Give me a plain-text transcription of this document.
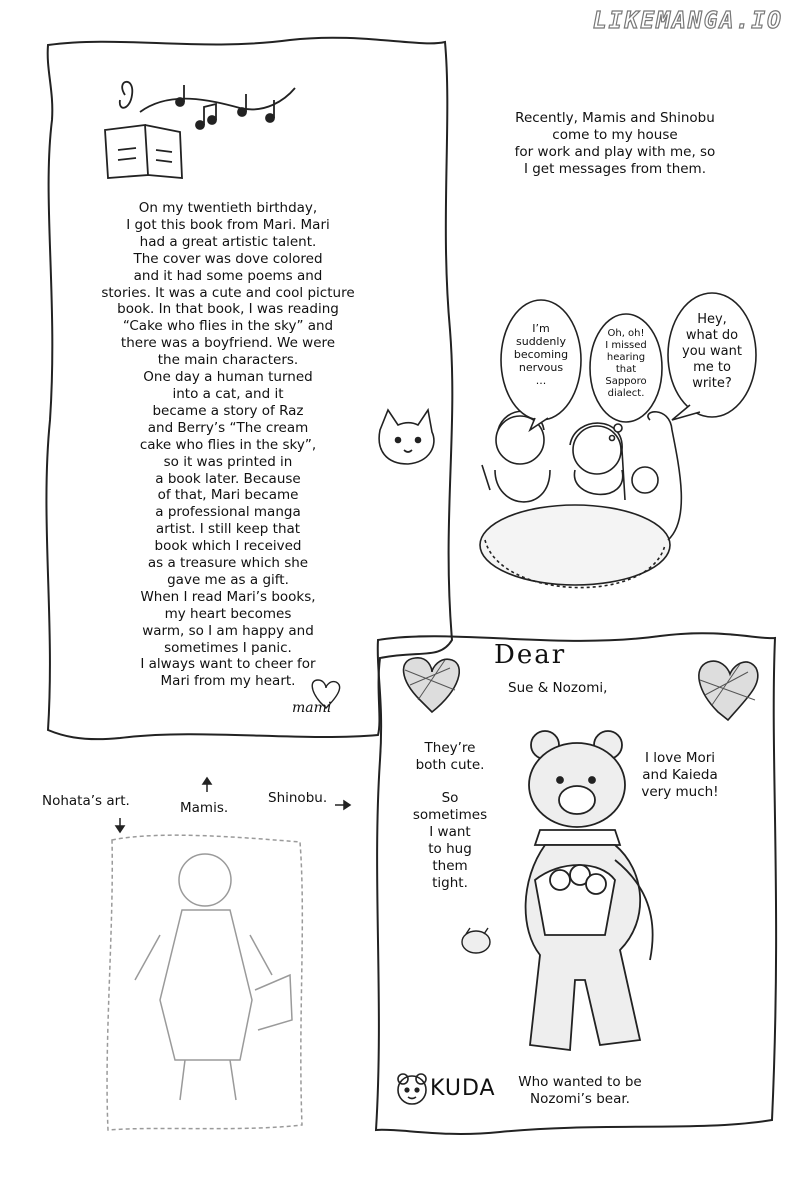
LIKEMANGA.IO
Recently, Mamis and Shinobu
come to my house
for work and play with me, so
I get messages from them.
On my twentieth birthday,
I got this book from Mari. Mari
had a great artistic talent.
The cover was dove colored
and it had some poems and
stories. It was a cute and cool picture
book. In that book, I was reading
“Cake who flies in the sky” and
there was a boyfriend. We were
the main characters.
One day a human turned
into a cat, and it
became a story of Raz
and Berry’s “The cream
cake who flies in the sky”,
so it was printed in
a book later. Because
of that, Mari became
a professional manga
artist. I still keep that
book which I received
as a treasure which she
gave me as a gift.
When I read Mari’s books,
my heart becomes
warm, so I am happy and
sometimes I panic.
I always want to cheer for
Mari from my heart.
mami
I’m
suddenly
becoming
nervous
...
Oh, oh!
I missed
hearing
that
Sapporo
dialect.
Hey,
what do
you want
me to
write?
Dear
Sue & Nozomi,
They’re
both cute.
So
sometimes
I want
to hug
them
tight.
I love Mori
and Kaieda
very much!
KUDA	Who wanted to be
Nozomi’s bear.
Nohata’s art.	Mamis.
Shinobu.
